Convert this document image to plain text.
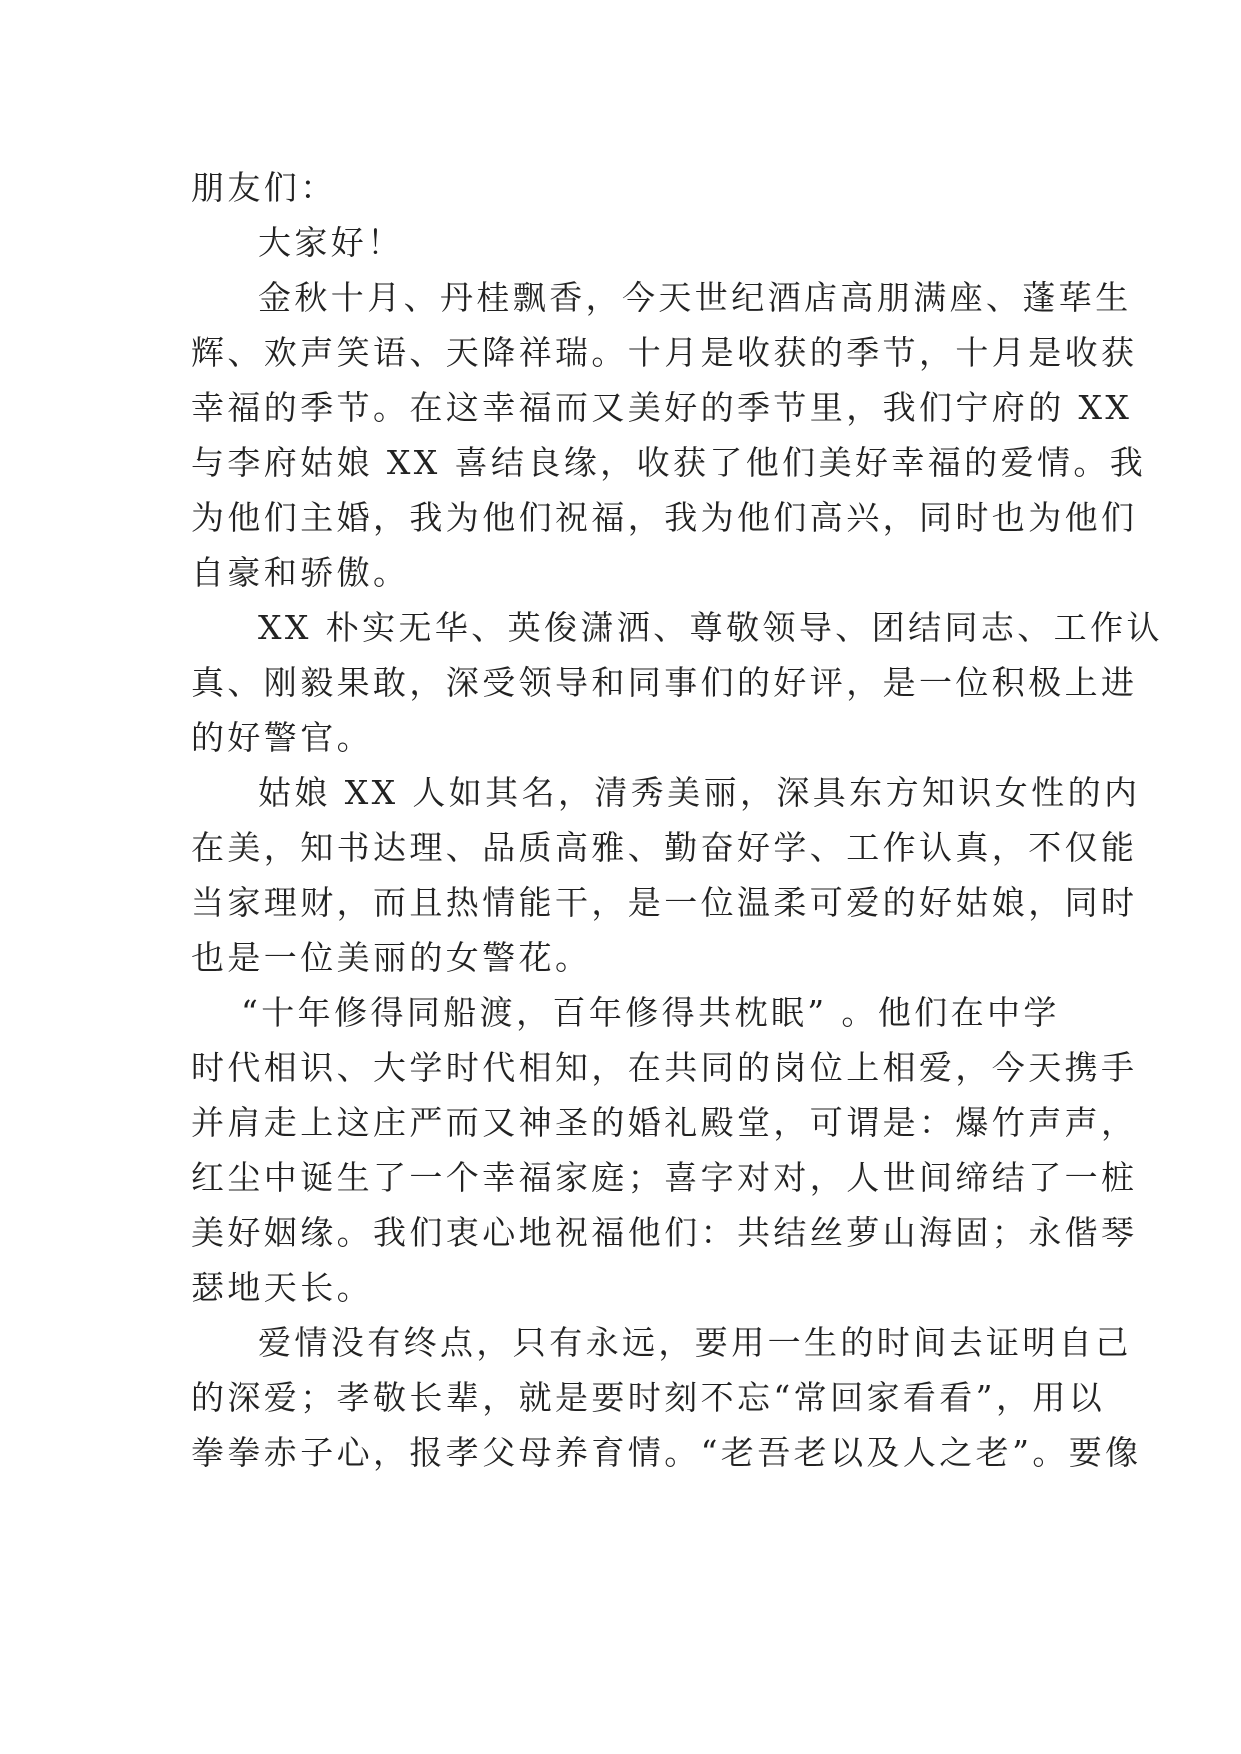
朋友们：
大家好！
金秋十月、丹桂飘香，今天世纪酒店高朋满座、蓬荜生
辉、欢声笑语、天降祥瑞。十月是收获的季节，十月是收获
幸福的季节。在这幸福而又美好的季节里，我们宁府的 XX
与李府姑娘 XX 喜结良缘，收获了他们美好幸福的爱情。我
为他们主婚，我为他们祝福，我为他们高兴，同时也为他们
自豪和骄傲。
XX 朴实无华、英俊潇洒、尊敬领导、团结同志、工作认
真、刚毅果敢，深受领导和同事们的好评，是一位积极上进
的好警官。
姑娘 XX 人如其名，清秀美丽，深具东方知识女性的内
在美，知书达理、品质高雅、勤奋好学、工作认真，不仅能
当家理财，而且热情能干，是一位温柔可爱的好姑娘，同时
也是一位美丽的女警花。
“十年修得同船渡，百年修得共枕眠” 。他们在中学
时代相识、大学时代相知，在共同的岗位上相爱，今天携手
并肩走上这庄严而又神圣的婚礼殿堂，可谓是：爆竹声声，
红尘中诞生了一个幸福家庭；喜字对对，人世间缔结了一桩
美好姻缘。我们衷心地祝福他们：共结丝萝山海固；永偕琴
瑟地天长。
爱情没有终点，只有永远，要用一生的时间去证明自己
的深爱；孝敬长辈，就是要时刻不忘“常回家看看”，用以
拳拳赤子心，报孝父母养育情。“老吾老以及人之老”。要像
